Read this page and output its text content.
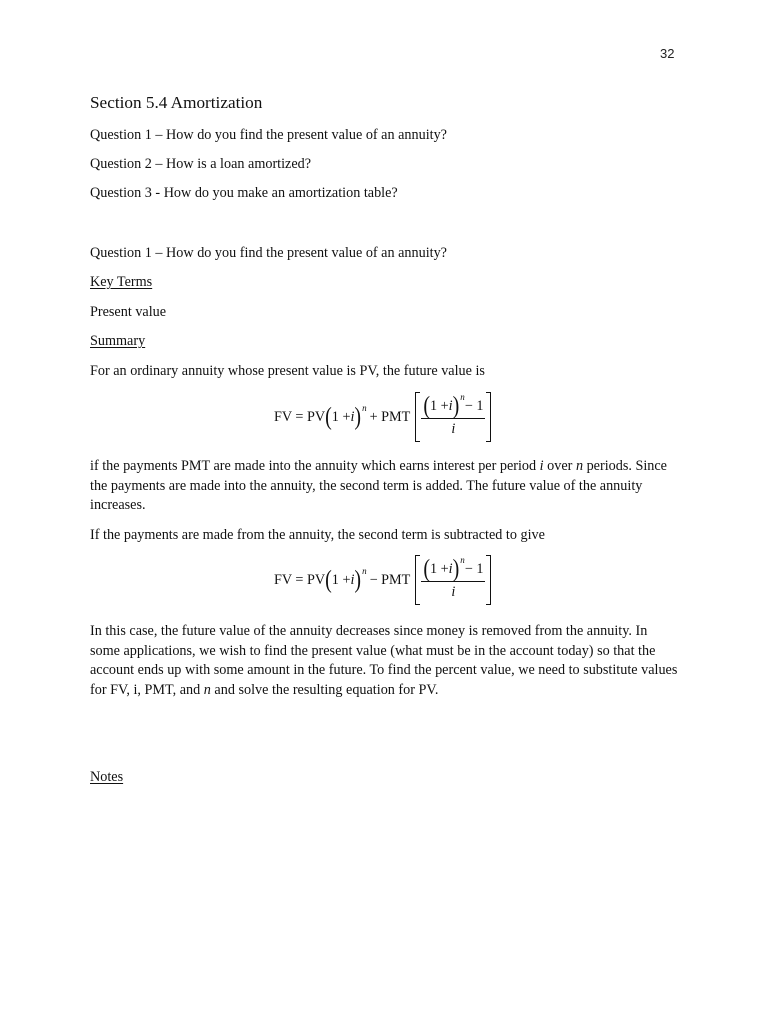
32
Section 5.4 Amortization
Question 1 – How do you find the present value of an annuity?
Question 2 – How is a loan amortized?
Question 3 - How do you make an amortization table?
Question 1 – How do you find the present value of an annuity?
Key Terms
Present value
Summary
For an ordinary annuity whose present value is PV, the future value is
FV = PV ( 1 + i ) n
+ PMT ( 1 + i ) n
− 1
i
if the payments PMT are made into the annuity which earns interest per period i over n periods. Since the payments are made into the annuity, the second term is added. The future value of the annuity increases.
If the payments are made from the annuity, the second term is subtracted to give
FV = PV ( 1 + i ) n
− PMT ( 1 + i ) n
− 1
i
In this case, the future value of the annuity decreases since money is removed from the annuity. In some applications, we wish to find the present value (what must be in the account today) so that the account ends up with some amount in the future. To find the percent value, we need to substitute values for FV, i, PMT, and n and solve the resulting equation for PV.
Notes
